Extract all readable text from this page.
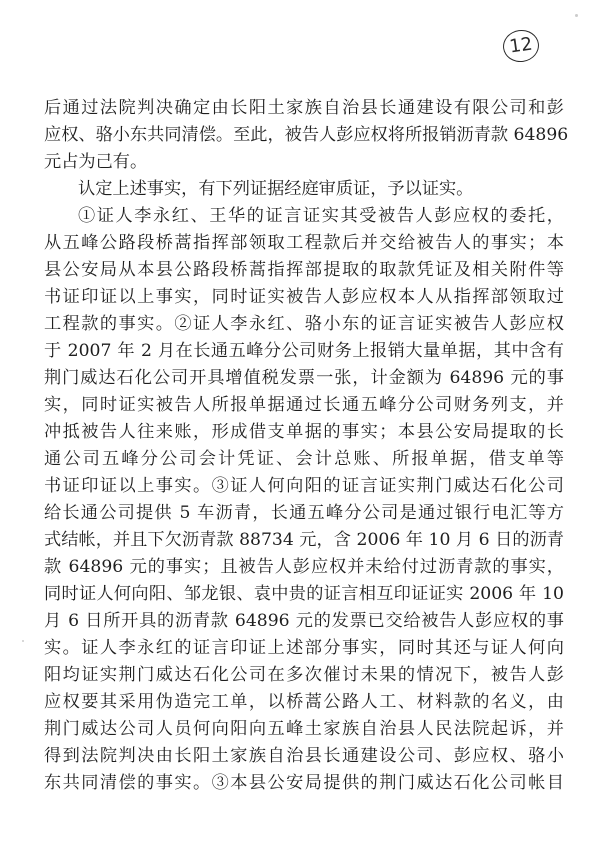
12
后通过法院判决确定由长阳土家族自治县长通建设有限公司和彭
应权、骆小东共同清偿。至此，被告人彭应权将所报销沥青款 64896
元占为己有。
认定上述事实，有下列证据经庭审质证，予以证实。
①证人李永红、王华的证言证实其受被告人彭应权的委托，
从五峰公路段桥蒿指挥部领取工程款后并交给被告人的事实；本
县公安局从本县公路段桥蒿指挥部提取的取款凭证及相关附件等
书证印证以上事实，同时证实被告人彭应权本人从指挥部领取过
工程款的事实。②证人李永红、骆小东的证言证实被告人彭应权
于 2007 年 2 月在长通五峰分公司财务上报销大量单据，其中含有
荆门威达石化公司开具增值税发票一张，计金额为 64896 元的事
实，同时证实被告人所报单据通过长通五峰分公司财务列支，并
冲抵被告人往来账，形成借支单据的事实；本县公安局提取的长
通公司五峰分公司会计凭证、会计总账、所报单据，借支单等
书证印证以上事实。③证人何向阳的证言证实荆门威达石化公司
给长通公司提供 5 车沥青，长通五峰分公司是通过银行电汇等方
式结帐，并且下欠沥青款 88734 元，含 2006 年 10 月 6 日的沥青
款 64896 元的事实；且被告人彭应权并未给付过沥青款的事实，
同时证人何向阳、邹龙银、袁中贵的证言相互印证证实 2006 年 10
月 6 日所开具的沥青款 64896 元的发票已交给被告人彭应权的事
实。证人李永红的证言印证上述部分事实，同时其还与证人何向
阳均证实荆门威达石化公司在多次催讨未果的情况下，被告人彭
应权要其采用伪造完工单，以桥蒿公路人工、材料款的名义，由
荆门威达公司人员何向阳向五峰土家族自治县人民法院起诉，并
得到法院判决由长阳土家族自治县长通建设公司、彭应权、骆小
东共同清偿的事实。③本县公安局提供的荆门威达石化公司帐目
